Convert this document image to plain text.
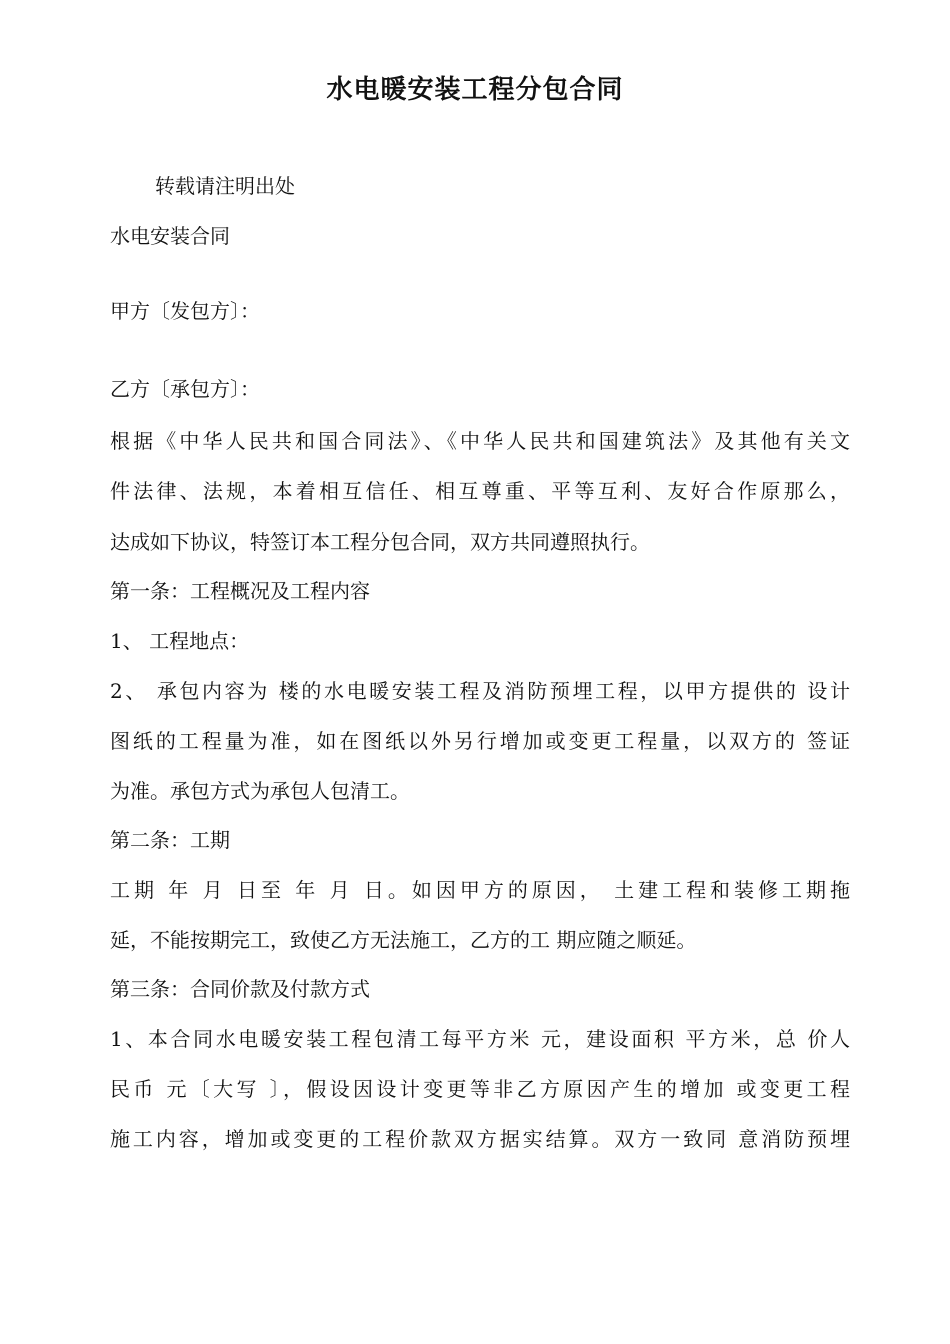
水电暖安装工程分包合同
转载请注明出处
水电安装合同
甲方〔发包方〕：
乙方〔承包方〕：
根据《中华人民共和国合同法》、《中华人民共和国建筑法》及其他有关文
件法律、法规，本着相互信任、相互尊重、平等互利、友好合作原那么，
达成如下协议，特签订本工程分包合同，双方共同遵照执行。
第一条：工程概况及工程内容
1、 工程地点：
2、 承包内容为 楼的水电暖安装工程及消防预埋工程，以甲方提供的 设计
图纸的工程量为准，如在图纸以外另行增加或变更工程量，以双方的 签证
为准。承包方式为承包人包清工。
第二条：工期
工期 年 月 日至 年 月 日。如因甲方的原因， 土建工程和装修工期拖
延，不能按期完工，致使乙方无法施工，乙方的工 期应随之顺延。
第三条：合同价款及付款方式
1、本合同水电暖安装工程包清工每平方米 元，建设面积 平方米，总 价人
民币 元〔大写 〕，假设因设计变更等非乙方原因产生的增加 或变更工程
施工内容，增加或变更的工程价款双方据实结算。双方一致同 意消防预埋
